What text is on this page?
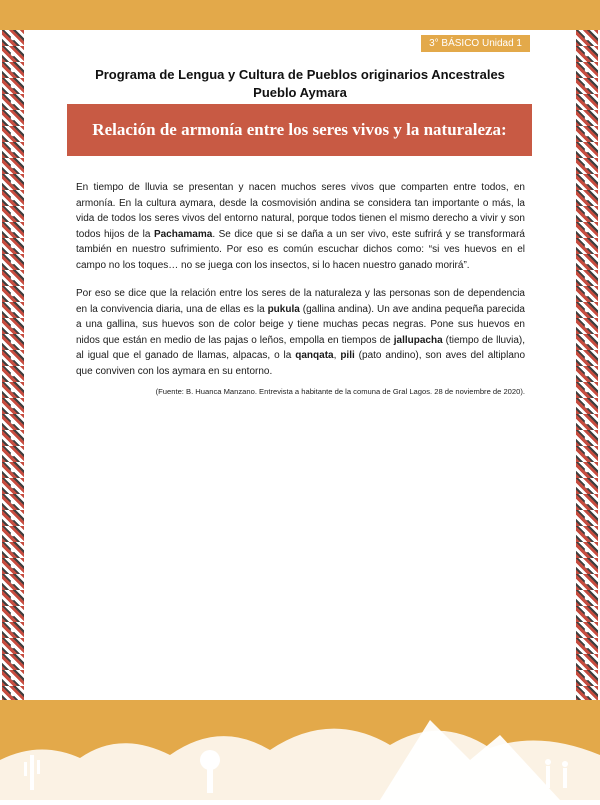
3° BÁSICO Unidad 1
Programa de Lengua y Cultura de Pueblos originarios Ancestrales
Pueblo Aymara
Relación de armonía entre los seres vivos y la naturaleza:

En tiempo de lluvia se presentan y nacen muchos seres vivos que comparten entre todos, en armonía. En la cultura aymara, desde la cosmovisión andina se considera tan importante o más, la vida de todos los seres vivos del entorno natural, porque todos tienen el mismo derecho a vivir y son todos hijos de la Pachamama. Se dice que si se daña a un ser vivo, este sufrirá y se transformará también en nuestro sufrimiento. Por eso es común escuchar dichos como: “si ves huevos en el campo no los toques… no se juega con los insectos, si lo hacen nuestro ganado morirá”.

Por eso se dice que la relación entre los seres de la naturaleza y las personas son de dependencia en la convivencia diaria, una de ellas es la pukula (gallina andina). Un ave andina pequeña parecida a una gallina, sus huevos son de color beige y tiene muchas pecas negras. Pone sus huevos en nidos que están en medio de las pajas o leños, empolla en tiempos de jallupacha (tiempo de lluvia), al igual que el ganado de llamas, alpacas, o la qanqata, pili (pato andino), son aves del altiplano que conviven con los aymara en su entorno.

(Fuente: B. Huanca Manzano. Entrevista a habitante de la comuna de Gral Lagos. 28 de noviembre de 2020).
